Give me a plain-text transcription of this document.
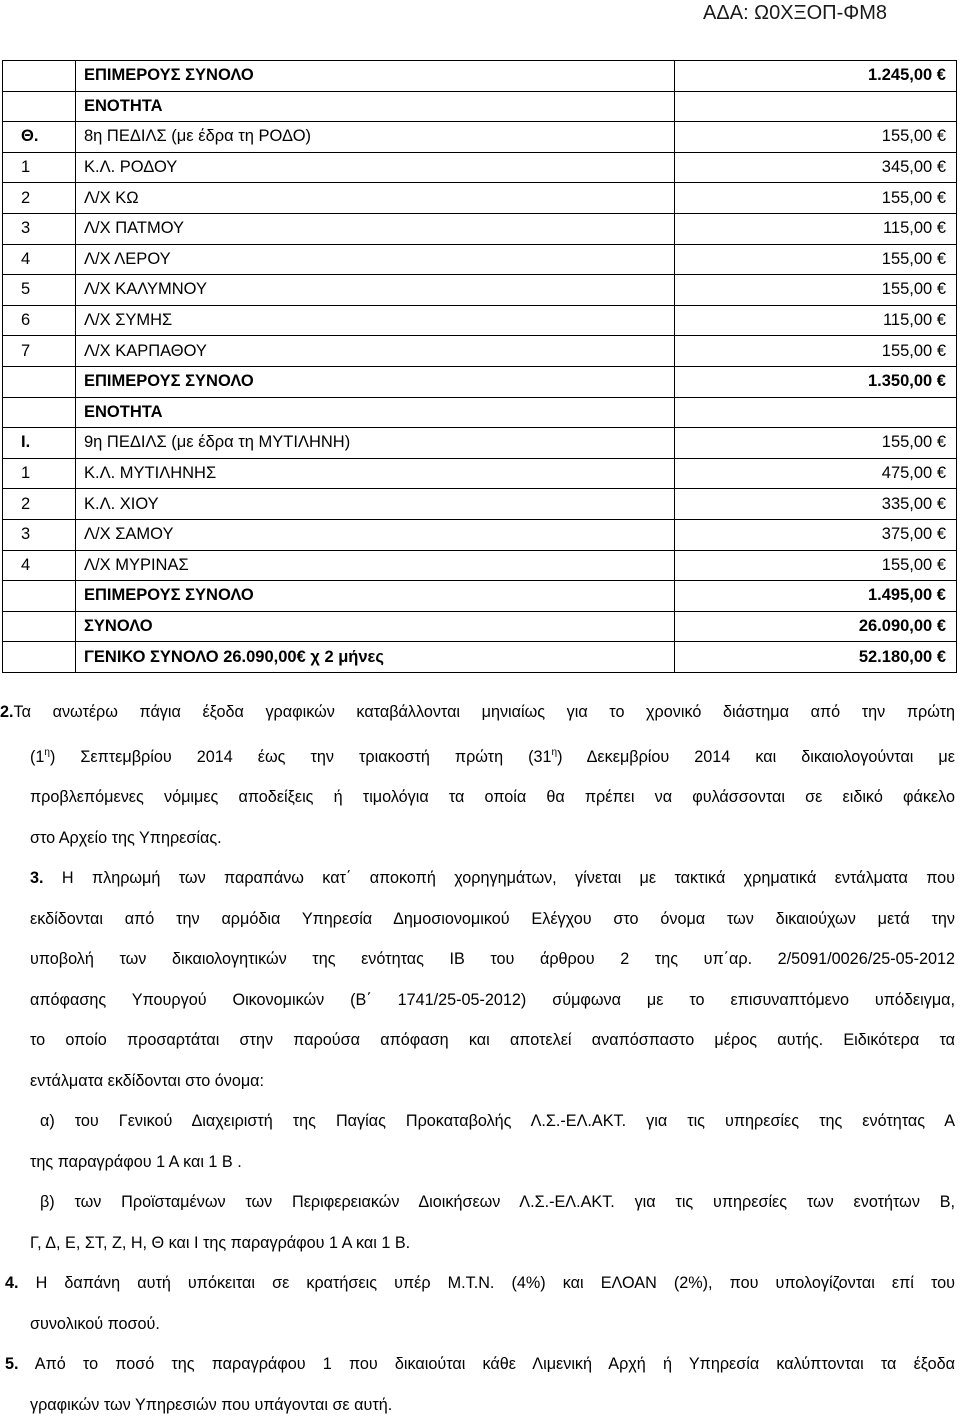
ΑΔΑ: Ω0ΧΞΟΠ-ΦΜ8
	ΕΠΙΜΕΡΟΥΣ ΣΥΝΟΛΟ	1.245,00 €
	ΕΝΟΤΗΤΑ	
Θ.	8η ΠΕΔΙΛΣ (με έδρα τη ΡΟΔΟ)	155,00 €
1	Κ.Λ. ΡΟΔΟΥ	345,00 €
2	Λ/Χ ΚΩ	155,00 €
3	Λ/Χ ΠΑΤΜΟΥ	115,00 €
4	Λ/Χ ΛΕΡΟΥ	155,00 €
5	Λ/Χ ΚΑΛΥΜΝΟΥ	155,00 €
6	Λ/Χ ΣΥΜΗΣ	115,00 €
7	Λ/Χ ΚΑΡΠΑΘΟΥ	155,00 €
	ΕΠΙΜΕΡΟΥΣ ΣΥΝΟΛΟ	1.350,00 €
	ΕΝΟΤΗΤΑ	
Ι.	9η ΠΕΔΙΛΣ (με έδρα τη ΜΥΤΙΛΗΝΗ)	155,00 €
1	Κ.Λ. ΜΥΤΙΛΗΝΗΣ	475,00 €
2	Κ.Λ. ΧΙΟΥ	335,00 €
3	Λ/Χ ΣΑΜΟΥ	375,00 €
4	Λ/Χ ΜΥΡΙΝΑΣ	155,00 €
	ΕΠΙΜΕΡΟΥΣ ΣΥΝΟΛΟ	1.495,00 €
	ΣΥΝΟΛΟ	26.090,00 €
	ΓΕΝΙΚΟ ΣΥΝΟΛΟ 26.090,00€ χ 2 μήνες	52.180,00 €

2.Τα ανωτέρω πάγια έξοδα γραφικών καταβάλλονται μηνιαίως για το χρονικό διάστημα από την πρώτη

$(1^\eta)$ Σεπτεμβρίου 2014 έως την τριακοστή πρώτη $(31^\eta)$ Δεκεμβρίου 2014 και δικαιολογούνται με

προβλεπόμενες νόμιμες αποδείξεις ή τιμολόγια τα οποία θα πρέπει να φυλάσσονται σε ειδικό φάκελο

στο Αρχείο της Υπηρεσίας.

3. Η πληρωμή των παραπάνω κατ΄ αποκοπή χορηγημάτων, γίνεται με τακτικά χρηματικά εντάλματα που

εκδίδονται από την αρμόδια Υπηρεσία Δημοσιονομικού Ελέγχου στο όνομα των δικαιούχων μετά την

υποβολή των δικαιολογητικών της ενότητας ΙΒ του άρθρου 2 της υπ΄αρ. 2/5091/0026/25-05-2012

απόφασης Υπουργού Οικονομικών (Β΄ 1741/25-05-2012) σύμφωνα με το επισυναπτόμενο υπόδειγμα,

το οποίο προσαρτάται στην παρούσα απόφαση και αποτελεί αναπόσπαστο μέρος αυτής. Ειδικότερα τα

εντάλματα εκδίδονται στο όνομα:

α) του Γενικού Διαχειριστή της Παγίας Προκαταβολής Λ.Σ.-ΕΛ.ΑΚΤ. για τις υπηρεσίες της ενότητας Α

της παραγράφου 1 Α και 1 Β .

β) των Προϊσταμένων των Περιφερειακών Διοικήσεων Λ.Σ.-ΕΛ.ΑΚΤ. για τις υπηρεσίες των ενοτήτων Β,

Γ, Δ, Ε, ΣΤ, Ζ, Η, Θ και Ι της παραγράφου 1 Α και 1 Β.

4. Η δαπάνη αυτή υπόκειται σε κρατήσεις υπέρ Μ.Τ.Ν. (4%) και ΕΛΟΑΝ (2%), που υπολογίζονται επί του

συνολικού ποσού.

5. Από το ποσό της παραγράφου 1 που δικαιούται κάθε Λιμενική Αρχή ή Υπηρεσία καλύπτονται τα έξοδα

γραφικών των Υπηρεσιών που υπάγονται σε αυτή.
